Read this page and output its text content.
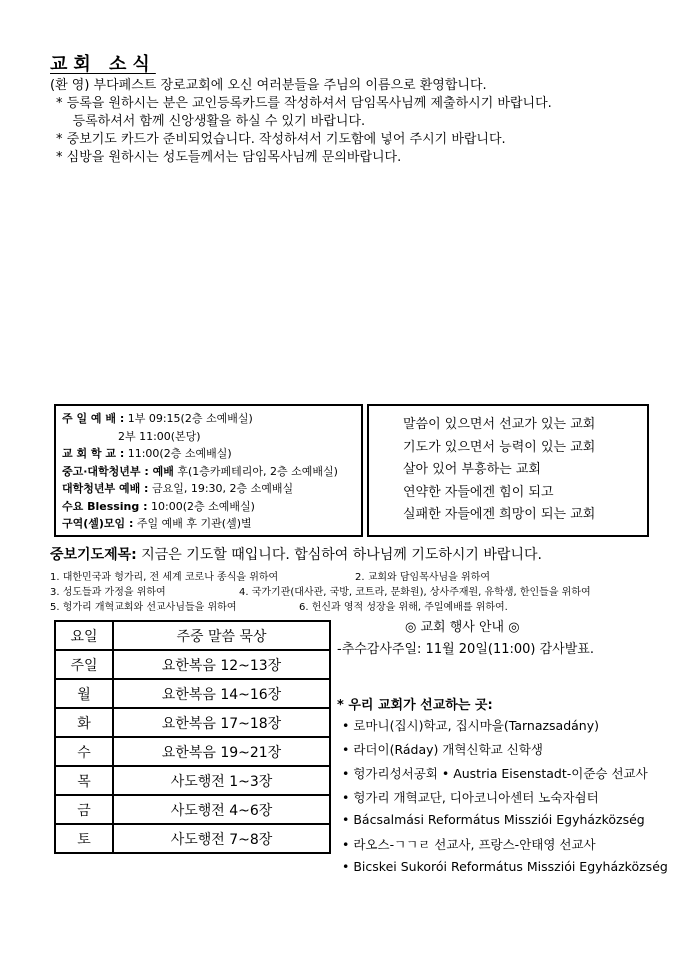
교회 소식
(환 영) 부다페스트 장로교회에 오신 여러분들을 주님의 이름으로 환영합니다.
* 등록을 원하시는 분은 교인등록카드를 작성하셔서 담임목사님께 제출하시기 바랍니다.
등록하셔서 함께 신앙생활을 하실 수 있기 바랍니다.
* 중보기도 카드가 준비되었습니다. 작성하셔서 기도함에 넣어 주시기 바랍니다.
* 심방을 원하시는 성도들께서는 담임목사님께 문의바랍니다.
주 일 예 배 : 1부 09:15(2층 소예배실)
2부 11:00(본당)
교 회 학 교 : 11:00(2층 소예배실)
중고·대학청년부 : 예배 후(1층카페테리아, 2층 소예배실)
대학청년부 예배 : 금요일, 19:30, 2층 소예배실
수요 Blessing : 10:00(2층 소예배실)
구역(셀)모임 : 주일 예배 후 기관(셀)별
말씀이 있으면서 선교가 있는 교회
기도가 있으면서 능력이 있는 교회
살아 있어 부흥하는 교회
연약한 자들에겐 힘이 되고
실패한 자들에겐 희망이 되는 교회
중보기도제목: 지금은 기도할 때입니다. 합심하여 하나님께 기도하시기 바랍니다.
1. 대한민국과 헝가리, 전 세계 코로나 종식을 위하여	2. 교회와 담임목사님을 위하여
3. 성도들과 가정을 위하여	4. 국가기관(대사관, 국방, 코트라, 문화원), 상사주재원, 유학생, 한인들을 위하여
5. 헝가리 개혁교회와 선교사님들을 위하여	6. 헌신과 영적 성장을 위해, 주일예배를 위하여.
요일	주중 말씀 묵상
주일	요한복음 12~13장
월	요한복음 14~16장
화	요한복음 17~18장
수	요한복음 19~21장
목	사도행전 1~3장
금	사도행전 4~6장
토	사도행전 7~8장
◎ 교회 행사 안내 ◎
-추수감사주일: 11월 20일(11:00) 감사발표.
* 우리 교회가 선교하는 곳:
• 로마니(집시)학교, 집시마을(Tarnazsadány)
• 라더이(Ráday) 개혁신학교 신학생
• 헝가리성서공회 • Austria Eisenstadt-이준승 선교사
• 헝가리 개혁교단, 디아코니아센터 노숙자쉼터
• Bácsalmási Református Missziói Egyházközség
• 라오스-ㄱㄱㄹ 선교사, 프랑스-안태영 선교사
• Bicskei Sukorói Református Missziói Egyházközség
